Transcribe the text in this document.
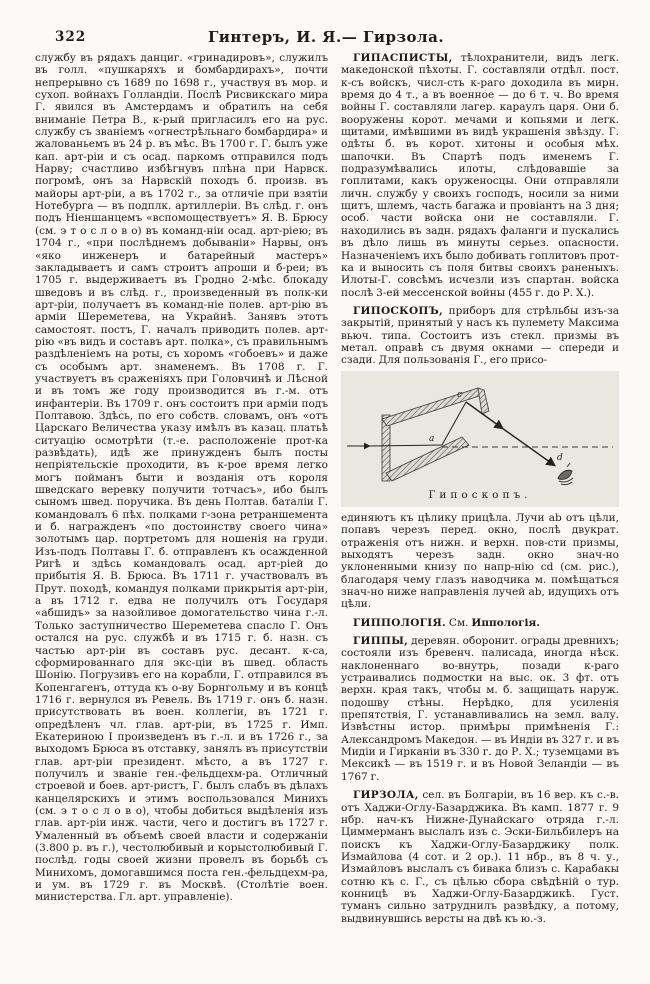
322	Гинтеръ, И. Я.— Гирзола.

службу въ рядахъ данциг. «гринадировъ», служилъ въ голл. «пушкаряхъ и бомбардирахъ», почти непрерывно съ 1689 по 1698 г., участвуя въ мор. и сухоп. войнахъ Голландіи. Послѣ Рисвикскаго мира Г. явился въ Амстердамъ и обратилъ на себя вниманіе Петра В., к-рый пригласилъ его на рус. службу съ званіемъ «огнестрѣльнаго бомбардира» и жалованьемъ въ 24 р. въ мѣс. Въ 1700 г. Г. былъ уже кап. арт-ріи и съ осад. паркомъ отправился подъ Нарву; счастливо избѣгнувъ плѣна при Нарвск. погромѣ, онъ за Нарвскій походъ б. произв. въ майоры арт-ріи, а въ 1702 г., за отличіе при взятіи Нотебурга — въ подплк. артиллеріи. Въ слѣд. г. онъ подъ Ніеншанцемъ «вспомоществуетъ» Я. В. Брюсу (см. э т о с л о в о) въ команд-ніи осад. арт-ріею; въ 1704 г., «при послѣднемъ добываніи» Нарвы, онъ «яко инженеръ и батарейный мастеръ» закладываетъ и самъ строитъ апроши и б-реи; въ 1705 г. выдерживаетъ въ Гродно 2-мѣс. блокаду шведовъ и въ слѣд. г., произведенный въ полк-ки арт-ріи, получаетъ въ команд-ніе полев. арт-рію въ арміи Шереметева, на Украйнѣ. Занявъ этотъ самостоят. постъ, Г. началъ приводить полев. арт-рію «въ видъ и составъ арт. полка», съ правильнымъ раздѣленіемъ на роты, съ хоромъ «гобоевъ» и даже съ особымъ арт. знаменемъ. Въ 1708 г. Г. участвуетъ въ сраженіяхъ при Головчинѣ и Лѣсной и въ томъ же году производится въ г.-м. отъ инфантеріи. Въ 1709 г. онъ состоитъ при арміи подъ Полтавою. Здѣсь, по его собств. словамъ, онъ «отъ Царскаго Величества указу имѣлъ въ казац. платьѣ ситуацію осмотрѣти (т.-е. расположеніе прот-ка развѣдать), идѣ же принужденъ былъ посты непріятельскіе проходити, въ к-рое время легко могъ пойманъ быти и возданія отъ короля шведскаго веревку получити тотчасъ», ибо былъ сыномъ швед. поручика. Въ день Полтав. баталіи Г. командовалъ 6 пѣх. полками г-зона ретраншемента и б. награжденъ «по достоинству своего чина» золотымъ цар. портретомъ для ношенія на груди. Изъ-подъ Полтавы Г. б. отправленъ къ осажденной Ригѣ и здѣсь командовалъ осад. арт-ріей до прибытія Я. В. Брюса. Въ 1711 г. участвовалъ въ Прут. походѣ, командуя полками прикрытія арт-ріи, а въ 1712 г. едва не получилъ отъ Государя «абшидъ» за назойливое домогательство чина г.-л. Только заступничество Шереметева спасло Г. Онъ остался на рус. службѣ и въ 1715 г. б. назн. съ частью арт-ріи въ составъ рус. десант. к-са, сформированнаго для экс-ціи въ швед. область Шонію. Погрузивъ его на корабли, Г. отправился въ Копенгагенъ, оттуда къ о-ву Борнгольму и въ концѣ 1716 г. вернулся въ Ревель. Въ 1719 г. онъ б. назн. присутствовать въ воен. коллегіи, въ 1721 г. опредѣленъ чл. глав. арт-ріи, въ 1725 г. Имп. Екатериною I произведенъ въ г.-л. и въ 1726 г., за выходомъ Брюса въ отставку, занялъ въ присутствіи глав. арт-ріи президент. мѣсто, а въ 1727 г. получилъ и званіе ген.-фельдцехм-ра. Отличный строевой и боев. арт-ристъ, Г. былъ слабъ въ дѣлахъ канцелярскихъ и этимъ воспользовался Минихъ (см. э т о с л о в о), чтобы добиться выдѣленія изъ глав. арт-ріи инж. части, чего и достигъ въ 1727 г. Умаленный въ объемѣ своей власти и содержаніи (3.800 р. въ г.), честолюбивый и корыстолюбивый Г. послѣд. годы своей жизни провелъ въ борьбѣ съ Минихомъ, домогавшимся поста ген.-фельдцехм-ра, и ум. въ 1729 г. въ Москвѣ. (Столѣтіе воен. министерства. Гл. арт. управленіе).

ГИПАСПИСТЫ, тѣлохранители, видъ легк. македонской пѣхоты. Г. составляли отдѣл. пост. к-съ войскъ, числ-сть к-раго доходила въ мирн. время до 4 т., а въ военное — до 6 т. ч. Во время войны Г. составляли лагер. караулъ царя. Они б. вооружены корот. мечами и копьями и легк. щитами, имѣвшими въ видѣ украшенія звѣзду. Г. одѣты б. въ корот. хитоны и особыя мѣх. шапочки. Въ Спартѣ подъ именемъ Г. подразумѣвались илоты, слѣдовавшіе за гоплитами, какъ оруженосцы. Они отправляли личн. службу у своихъ господъ, носили за ними щитъ, шлемъ, часть багажа и провіантъ на 3 дня; особ. части войска они не составляли. Г. находились въ задн. рядахъ фаланги и пускались въ дѣло лишь въ минуты серьез. опасности. Назначеніемъ ихъ было добивать гоплитовъ прот-ка и выносить съ поля битвы своихъ раненыхъ. Илоты-Г. совсѣмъ исчезли изъ спартан. войска послѣ 3-ей мессенской войны (455 г. до Р. Х.).

ГИПОСКОПЪ, приборъ для стрѣльбы изъ-за закрытій, принятый у насъ къ пулемету Максима вьюч. типа. Состоитъ изъ стекл. призмы въ метал. оправѣ съ двумя окнами — спереди и сзади. Для пользованія Г., его присо-

а
с
d
Гипоскопъ.

единяютъ къ цѣлику прицѣла. Лучи ab отъ цѣли, попавъ черезъ перед. окно, послѣ двукрат. отраженія отъ нижн. и верхн. пов-сти призмы, выходятъ черезъ задн. окно знач-но уклоненными книзу по напр-нію cd (см. рис.), благодаря чему глазъ наводчика м. помѣщаться знач-но ниже направленія лучей ab, идущихъ отъ цѣли.

ГИППОЛОГІЯ. См. Иппологія.

ГИППЫ, деревян. оборонит. ограды древнихъ; состояли изъ бревенч. палисада, иногда нѣск. наклоненнаго во-внутрь, позади к-раго устраивались подмостки на выс. ок. 3 фт. отъ верхн. края такъ, чтобы м. б. защищать наруж. подошву стѣны. Нерѣдко, для усиленія препятствія, Г. устанавливались на земл. валу. Извѣстны истор. примѣры примѣненія Г.: Александромъ Македон. — въ Индіи въ 327 г. и въ Мидіи и Гирканіи въ 330 г. до Р. Х.; туземцами въ Мексикѣ — въ 1519 г. и въ Новой Зеландіи — въ 1767 г.

ГИРЗОЛА, сел. въ Болгаріи, въ 16 вер. къ с.-в. отъ Хаджи-Оглу-Базарджика. Въ камп. 1877 г. 9 нбр. нач-къ Нижне-Дунайскаго отряда г.-л. Циммерманъ выслалъ изъ с. Эски-Бильбилеръ на поискъ къ Хаджи-Оглу-Базарджику полк. Измайлова (4 сот. и 2 ор.). 11 нбр., въ 8 ч. у., Измайловъ выслалъ съ бивака близъ с. Карабакы сотню къ с. Г., съ цѣлью сбора свѣдѣній о тур. конницѣ въ Хаджи-Оглу-Базарджикѣ. Густ. туманъ сильно затруднилъ развѣдку, а потому, выдвинувшись версты на двѣ къ ю.-з.
